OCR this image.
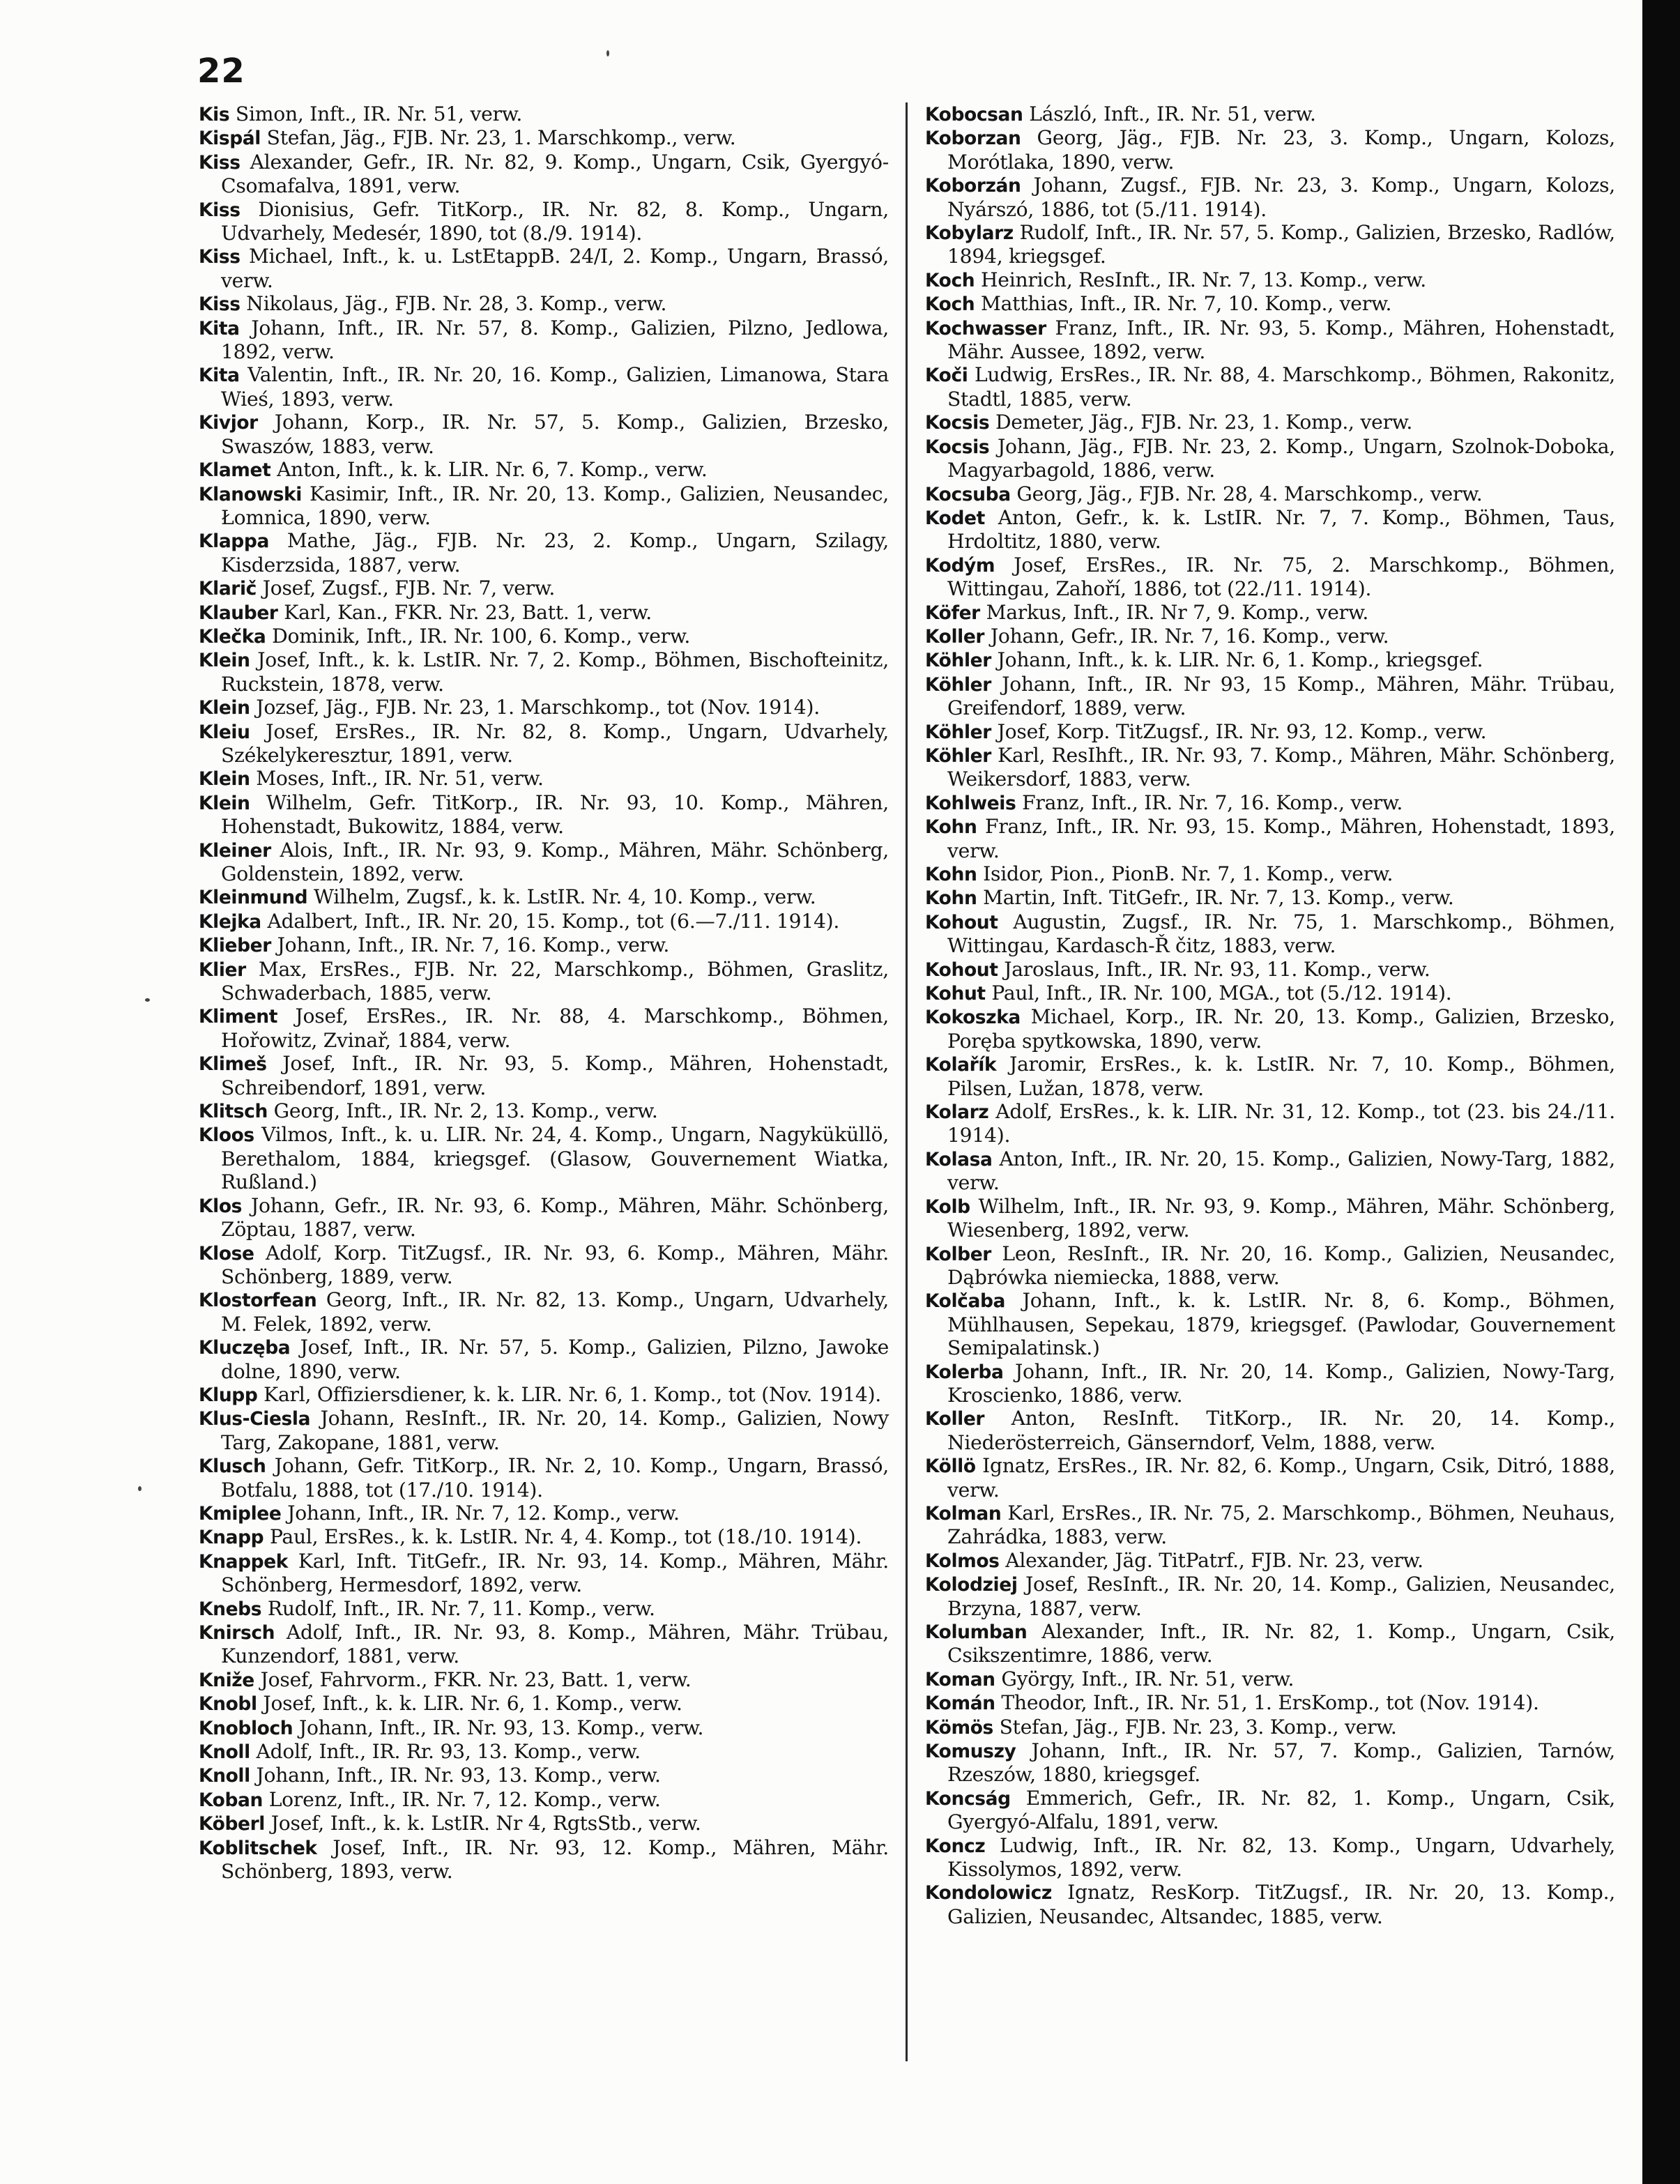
22

Kis Simon, Inft., IR. Nr. 51, verw.

Kispál Stefan, Jäg., FJB. Nr. 23, 1. Marschkomp., verw.

Kiss Alexander, Gefr., IR. Nr. 82, 9. Komp., Ungarn, Csik, Gyergyó-Csomafalva, 1891, verw.

Kiss Dionisius, Gefr. TitKorp., IR. Nr. 82, 8. Komp., Ungarn, Udvarhely, Medesér, 1890, tot (8./9. 1914).

Kiss Michael, Inft., k. u. LstEtappB. 24/I, 2. Komp., Ungarn, Brassó, verw.

Kiss Nikolaus, Jäg., FJB. Nr. 28, 3. Komp., verw.

Kita Johann, Inft., IR. Nr. 57, 8. Komp., Galizien, Pilzno, Jedlowa, 1892, verw.

Kita Valentin, Inft., IR. Nr. 20, 16. Komp., Galizien, Limanowa, Stara Wieś, 1893, verw.

Kivjor Johann, Korp., IR. Nr. 57, 5. Komp., Galizien, Brzesko, Swaszów, 1883, verw.

Klamet Anton, Inft., k. k. LIR. Nr. 6, 7. Komp., verw.

Klanowski Kasimir, Inft., IR. Nr. 20, 13. Komp., Galizien, Neusandec, Łomnica, 1890, verw.

Klappa Mathe, Jäg., FJB. Nr. 23, 2. Komp., Ungarn, Szilagy, Kisderzsida, 1887, verw.

Klarič Josef, Zugsf., FJB. Nr. 7, verw.

Klauber Karl, Kan., FKR. Nr. 23, Batt. 1, verw.

Klečka Dominik, Inft., IR. Nr. 100, 6. Komp., verw.

Klein Josef, Inft., k. k. LstIR. Nr. 7, 2. Komp., Böhmen, Bischofteinitz, Ruckstein, 1878, verw.

Klein Jozsef, Jäg., FJB. Nr. 23, 1. Marschkomp., tot (Nov. 1914).

Kleiu Josef, ErsRes., IR. Nr. 82, 8. Komp., Ungarn, Udvarhely, Székelykeresztur, 1891, verw.

Klein Moses, Inft., IR. Nr. 51, verw.

Klein Wilhelm, Gefr. TitKorp., IR. Nr. 93, 10. Komp., Mähren, Hohenstadt, Bukowitz, 1884, verw.

Kleiner Alois, Inft., IR. Nr. 93, 9. Komp., Mähren, Mähr. Schönberg, Goldenstein, 1892, verw.

Kleinmund Wilhelm, Zugsf., k. k. LstIR. Nr. 4, 10. Komp., verw.

Klejka Adalbert, Inft., IR. Nr. 20, 15. Komp., tot (6.—7./11. 1914).

Klieber Johann, Inft., IR. Nr. 7, 16. Komp., verw.

Klier Max, ErsRes., FJB. Nr. 22, Marschkomp., Böhmen, Graslitz, Schwaderbach, 1885, verw.

Kliment Josef, ErsRes., IR. Nr. 88, 4. Marschkomp., Böhmen, Hořowitz, Zvinař, 1884, verw.

Klimeš Josef, Inft., IR. Nr. 93, 5. Komp., Mähren, Hohenstadt, Schreibendorf, 1891, verw.

Klitsch Georg, Inft., IR. Nr. 2, 13. Komp., verw.

Kloos Vilmos, Inft., k. u. LIR. Nr. 24, 4. Komp., Ungarn, Nagyküküllö, Berethalom, 1884, kriegsgef. (Glasow, Gouvernement Wiatka, Rußland.)

Klos Johann, Gefr., IR. Nr. 93, 6. Komp., Mähren, Mähr. Schönberg, Zöptau, 1887, verw.

Klose Adolf, Korp. TitZugsf., IR. Nr. 93, 6. Komp., Mähren, Mähr. Schönberg, 1889, verw.

Klostorfean Georg, Inft., IR. Nr. 82, 13. Komp., Ungarn, Udvarhely, M. Felek, 1892, verw.

Kluczęba Josef, Inft., IR. Nr. 57, 5. Komp., Galizien, Pilzno, Jawoke dolne, 1890, verw.

Klupp Karl, Offiziersdiener, k. k. LIR. Nr. 6, 1. Komp., tot (Nov. 1914).

Klus-Ciesla Johann, ResInft., IR. Nr. 20, 14. Komp., Galizien, Nowy Targ, Zakopane, 1881, verw.

Klusch Johann, Gefr. TitKorp., IR. Nr. 2, 10. Komp., Ungarn, Brassó, Botfalu, 1888, tot (17./10. 1914).

Kmiplee Johann, Inft., IR. Nr. 7, 12. Komp., verw.

Knapp Paul, ErsRes., k. k. LstIR. Nr. 4, 4. Komp., tot (18./10. 1914).

Knappek Karl, Inft. TitGefr., IR. Nr. 93, 14. Komp., Mähren, Mähr. Schönberg, Hermesdorf, 1892, verw.

Knebs Rudolf, Inft., IR. Nr. 7, 11. Komp., verw.

Knirsch Adolf, Inft., IR. Nr. 93, 8. Komp., Mähren, Mähr. Trübau, Kunzendorf, 1881, verw.

Kniže Josef, Fahrvorm., FKR. Nr. 23, Batt. 1, verw.

Knobl Josef, Inft., k. k. LIR. Nr. 6, 1. Komp., verw.

Knobloch Johann, Inft., IR. Nr. 93, 13. Komp., verw.

Knoll Adolf, Inft., IR. Rr. 93, 13. Komp., verw.

Knoll Johann, Inft., IR. Nr. 93, 13. Komp., verw.

Koban Lorenz, Inft., IR. Nr. 7, 12. Komp., verw.

Köberl Josef, Inft., k. k. LstIR. Nr 4, RgtsStb., verw.

Koblitschek Josef, Inft., IR. Nr. 93, 12. Komp., Mähren, Mähr. Schönberg, 1893, verw.

Kobocsan László, Inft., IR. Nr. 51, verw.

Koborzan Georg, Jäg., FJB. Nr. 23, 3. Komp., Ungarn, Kolozs, Morótlaka, 1890, verw.

Koborzán Johann, Zugsf., FJB. Nr. 23, 3. Komp., Ungarn, Kolozs, Nyárszó, 1886, tot (5./11. 1914).

Kobylarz Rudolf, Inft., IR. Nr. 57, 5. Komp., Galizien, Brzesko, Radlów, 1894, kriegsgef.

Koch Heinrich, ResInft., IR. Nr. 7, 13. Komp., verw.

Koch Matthias, Inft., IR. Nr. 7, 10. Komp., verw.

Kochwasser Franz, Inft., IR. Nr. 93, 5. Komp., Mähren, Hohenstadt, Mähr. Aussee, 1892, verw.

Koči Ludwig, ErsRes., IR. Nr. 88, 4. Marschkomp., Böhmen, Rakonitz, Stadtl, 1885, verw.

Kocsis Demeter, Jäg., FJB. Nr. 23, 1. Komp., verw.

Kocsis Johann, Jäg., FJB. Nr. 23, 2. Komp., Ungarn, Szolnok-Doboka, Magyarbagold, 1886, verw.

Kocsuba Georg, Jäg., FJB. Nr. 28, 4. Marschkomp., verw.

Kodet Anton, Gefr., k. k. LstIR. Nr. 7, 7. Komp., Böhmen, Taus, Hrdoltitz, 1880, verw.

Kodým Josef, ErsRes., IR. Nr. 75, 2. Marschkomp., Böhmen, Wittingau, Zahoří, 1886, tot (22./11. 1914).

Köfer Markus, Inft., IR. Nr 7, 9. Komp., verw.

Koller Johann, Gefr., IR. Nr. 7, 16. Komp., verw.

Köhler Johann, Inft., k. k. LIR. Nr. 6, 1. Komp., kriegsgef.

Köhler Johann, Inft., IR. Nr 93, 15 Komp., Mähren, Mähr. Trübau, Greifendorf, 1889, verw.

Köhler Josef, Korp. TitZugsf., IR. Nr. 93, 12. Komp., verw.

Köhler Karl, ResIhft., IR. Nr. 93, 7. Komp., Mähren, Mähr. Schönberg, Weikersdorf, 1883, verw.

Kohlweis Franz, Inft., IR. Nr. 7, 16. Komp., verw.

Kohn Franz, Inft., IR. Nr. 93, 15. Komp., Mähren, Hohenstadt, 1893, verw.

Kohn Isidor, Pion., PionB. Nr. 7, 1. Komp., verw.

Kohn Martin, Inft. TitGefr., IR. Nr. 7, 13. Komp., verw.

Kohout Augustin, Zugsf., IR. Nr. 75, 1. Marschkomp., Böhmen, Wittingau, Kardasch-Ř čitz, 1883, verw.

Kohout Jaroslaus, Inft., IR. Nr. 93, 11. Komp., verw.

Kohut Paul, Inft., IR. Nr. 100, MGA., tot (5./12. 1914).

Kokoszka Michael, Korp., IR. Nr. 20, 13. Komp., Galizien, Brzesko, Poręba spytkowska, 1890, verw.

Kolařík Jaromir, ErsRes., k. k. LstIR. Nr. 7, 10. Komp., Böhmen, Pilsen, Lužan, 1878, verw.

Kolarz Adolf, ErsRes., k. k. LIR. Nr. 31, 12. Komp., tot (23. bis 24./11. 1914).

Kolasa Anton, Inft., IR. Nr. 20, 15. Komp., Galizien, Nowy-Targ, 1882, verw.

Kolb Wilhelm, Inft., IR. Nr. 93, 9. Komp., Mähren, Mähr. Schönberg, Wiesenberg, 1892, verw.

Kolber Leon, ResInft., IR. Nr. 20, 16. Komp., Galizien, Neusandec, Dąbrówka niemiecka, 1888, verw.

Kolčaba Johann, Inft., k. k. LstIR. Nr. 8, 6. Komp., Böhmen, Mühlhausen, Sepekau, 1879, kriegsgef. (Pawlodar, Gouvernement Semipalatinsk.)

Kolerba Johann, Inft., IR. Nr. 20, 14. Komp., Galizien, Nowy-Targ, Kroscienko, 1886, verw.

Koller Anton, ResInft. TitKorp., IR. Nr. 20, 14. Komp., Niederösterreich, Gänserndorf, Velm, 1888, verw.

Köllö Ignatz, ErsRes., IR. Nr. 82, 6. Komp., Ungarn, Csik, Ditró, 1888, verw.

Kolman Karl, ErsRes., IR. Nr. 75, 2. Marschkomp., Böhmen, Neuhaus, Zahrádka, 1883, verw.

Kolmos Alexander, Jäg. TitPatrf., FJB. Nr. 23, verw.

Kolodziej Josef, ResInft., IR. Nr. 20, 14. Komp., Galizien, Neusandec, Brzyna, 1887, verw.

Kolumban Alexander, Inft., IR. Nr. 82, 1. Komp., Ungarn, Csik, Csikszentimre, 1886, verw.

Koman György, Inft., IR. Nr. 51, verw.

Komán Theodor, Inft., IR. Nr. 51, 1. ErsKomp., tot (Nov. 1914).

Kömös Stefan, Jäg., FJB. Nr. 23, 3. Komp., verw.

Komuszy Johann, Inft., IR. Nr. 57, 7. Komp., Galizien, Tarnów, Rzeszów, 1880, kriegsgef.

Koncság Emmerich, Gefr., IR. Nr. 82, 1. Komp., Ungarn, Csik, Gyergyó-Alfalu, 1891, verw.

Koncz Ludwig, Inft., IR. Nr. 82, 13. Komp., Ungarn, Udvarhely, Kissolymos, 1892, verw.

Kondolowicz Ignatz, ResKorp. TitZugsf., IR. Nr. 20, 13. Komp., Galizien, Neusandec, Altsandec, 1885, verw.
